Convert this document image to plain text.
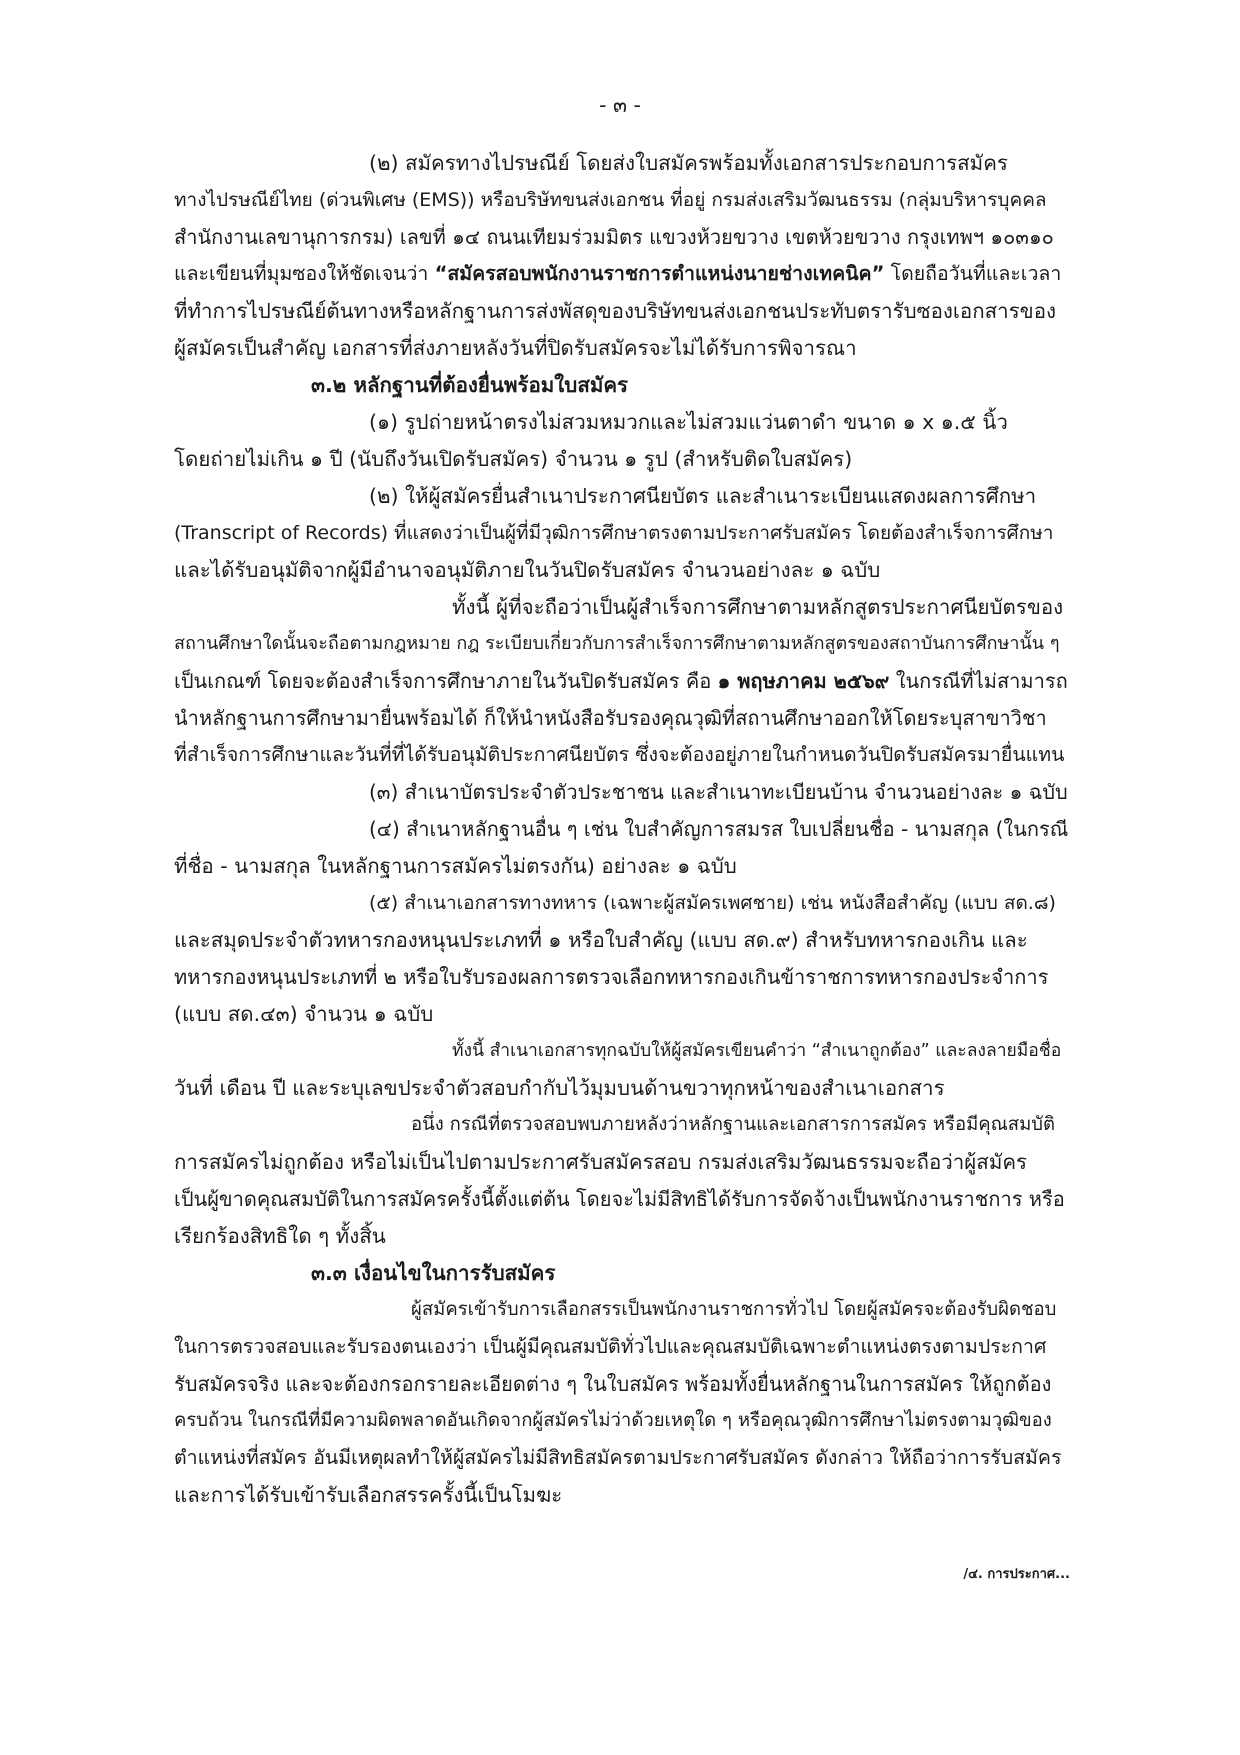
- ๓ -
(๒) สมัครทางไปรษณีย์ โดยส่งใบสมัครพร้อมทั้งเอกสารประกอบการสมัคร
ทางไปรษณีย์ไทย (ด่วนพิเศษ (EMS)) หรือบริษัทขนส่งเอกชน ที่อยู่ กรมส่งเสริมวัฒนธรรม (กลุ่มบริหารบุคคล
สำนักงานเลขานุการกรม) เลขที่ ๑๔ ถนนเทียมร่วมมิตร แขวงห้วยขวาง เขตห้วยขวาง กรุงเทพฯ ๑๐๓๑๐
และเขียนที่มุมซองให้ชัดเจนว่า “สมัครสอบพนักงานราชการตำแหน่งนายช่างเทคนิค” โดยถือวันที่และเวลา
ที่ทำการไปรษณีย์ต้นทางหรือหลักฐานการส่งพัสดุของบริษัทขนส่งเอกชนประทับตรารับซองเอกสารของ
ผู้สมัครเป็นสำคัญ เอกสารที่ส่งภายหลังวันที่ปิดรับสมัครจะไม่ได้รับการพิจารณา
๓.๒ หลักฐานที่ต้องยื่นพร้อมใบสมัคร
(๑) รูปถ่ายหน้าตรงไม่สวมหมวกและไม่สวมแว่นตาดำ ขนาด ๑ x ๑.๕ นิ้ว
โดยถ่ายไม่เกิน ๑ ปี (นับถึงวันเปิดรับสมัคร) จำนวน ๑ รูป (สำหรับติดใบสมัคร)
(๒) ให้ผู้สมัครยื่นสำเนาประกาศนียบัตร และสำเนาระเบียนแสดงผลการศึกษา
(Transcript of Records) ที่แสดงว่าเป็นผู้ที่มีวุฒิการศึกษาตรงตามประกาศรับสมัคร โดยต้องสำเร็จการศึกษา
และได้รับอนุมัติจากผู้มีอำนาจอนุมัติภายในวันปิดรับสมัคร จำนวนอย่างละ ๑ ฉบับ
ทั้งนี้ ผู้ที่จะถือว่าเป็นผู้สำเร็จการศึกษาตามหลักสูตรประกาศนียบัตรของ
สถานศึกษาใดนั้นจะถือตามกฎหมาย กฎ ระเบียบเกี่ยวกับการสำเร็จการศึกษาตามหลักสูตรของสถาบันการศึกษานั้น ๆ
เป็นเกณฑ์ โดยจะต้องสำเร็จการศึกษาภายในวันปิดรับสมัคร คือ ๑ พฤษภาคม ๒๕๖๙ ในกรณีที่ไม่สามารถ
นำหลักฐานการศึกษามายื่นพร้อมได้ ก็ให้นำหนังสือรับรองคุณวุฒิที่สถานศึกษาออกให้โดยระบุสาขาวิชา
ที่สำเร็จการศึกษาและวันที่ที่ได้รับอนุมัติประกาศนียบัตร ซึ่งจะต้องอยู่ภายในกำหนดวันปิดรับสมัครมายื่นแทน
(๓) สำเนาบัตรประจำตัวประชาชน และสำเนาทะเบียนบ้าน จำนวนอย่างละ ๑ ฉบับ
(๔) สำเนาหลักฐานอื่น ๆ เช่น ใบสำคัญการสมรส ใบเปลี่ยนชื่อ - นามสกุล (ในกรณี
ที่ชื่อ - นามสกุล ในหลักฐานการสมัครไม่ตรงกัน) อย่างละ ๑ ฉบับ
(๕) สำเนาเอกสารทางทหาร (เฉพาะผู้สมัครเพศชาย) เช่น หนังสือสำคัญ (แบบ สด.๘)
และสมุดประจำตัวทหารกองหนุนประเภทที่ ๑ หรือใบสำคัญ (แบบ สด.๙) สำหรับทหารกองเกิน และ
ทหารกองหนุนประเภทที่ ๒ หรือใบรับรองผลการตรวจเลือกทหารกองเกินข้าราชการทหารกองประจำการ
(แบบ สด.๔๓) จำนวน ๑ ฉบับ
ทั้งนี้ สำเนาเอกสารทุกฉบับให้ผู้สมัครเขียนคำว่า “สำเนาถูกต้อง” และลงลายมือชื่อ
วันที่ เดือน ปี และระบุเลขประจำตัวสอบกำกับไว้มุมบนด้านขวาทุกหน้าของสำเนาเอกสาร
อนึ่ง กรณีที่ตรวจสอบพบภายหลังว่าหลักฐานและเอกสารการสมัคร หรือมีคุณสมบัติ
การสมัครไม่ถูกต้อง หรือไม่เป็นไปตามประกาศรับสมัครสอบ กรมส่งเสริมวัฒนธรรมจะถือว่าผู้สมัคร
เป็นผู้ขาดคุณสมบัติในการสมัครครั้งนี้ตั้งแต่ต้น โดยจะไม่มีสิทธิได้รับการจัดจ้างเป็นพนักงานราชการ หรือ
เรียกร้องสิทธิใด ๆ ทั้งสิ้น
๓.๓ เงื่อนไขในการรับสมัคร
ผู้สมัครเข้ารับการเลือกสรรเป็นพนักงานราชการทั่วไป โดยผู้สมัครจะต้องรับผิดชอบ
ในการตรวจสอบและรับรองตนเองว่า เป็นผู้มีคุณสมบัติทั่วไปและคุณสมบัติเฉพาะตำแหน่งตรงตามประกาศ
รับสมัครจริง และจะต้องกรอกรายละเอียดต่าง ๆ ในใบสมัคร พร้อมทั้งยื่นหลักฐานในการสมัคร ให้ถูกต้อง
ครบถ้วน ในกรณีที่มีความผิดพลาดอันเกิดจากผู้สมัครไม่ว่าด้วยเหตุใด ๆ หรือคุณวุฒิการศึกษาไม่ตรงตามวุฒิของ
ตำแหน่งที่สมัคร อันมีเหตุผลทำให้ผู้สมัครไม่มีสิทธิสมัครตามประกาศรับสมัคร ดังกล่าว ให้ถือว่าการรับสมัคร
และการได้รับเข้ารับเลือกสรรครั้งนี้เป็นโมฆะ
/๔. การประกาศ...
